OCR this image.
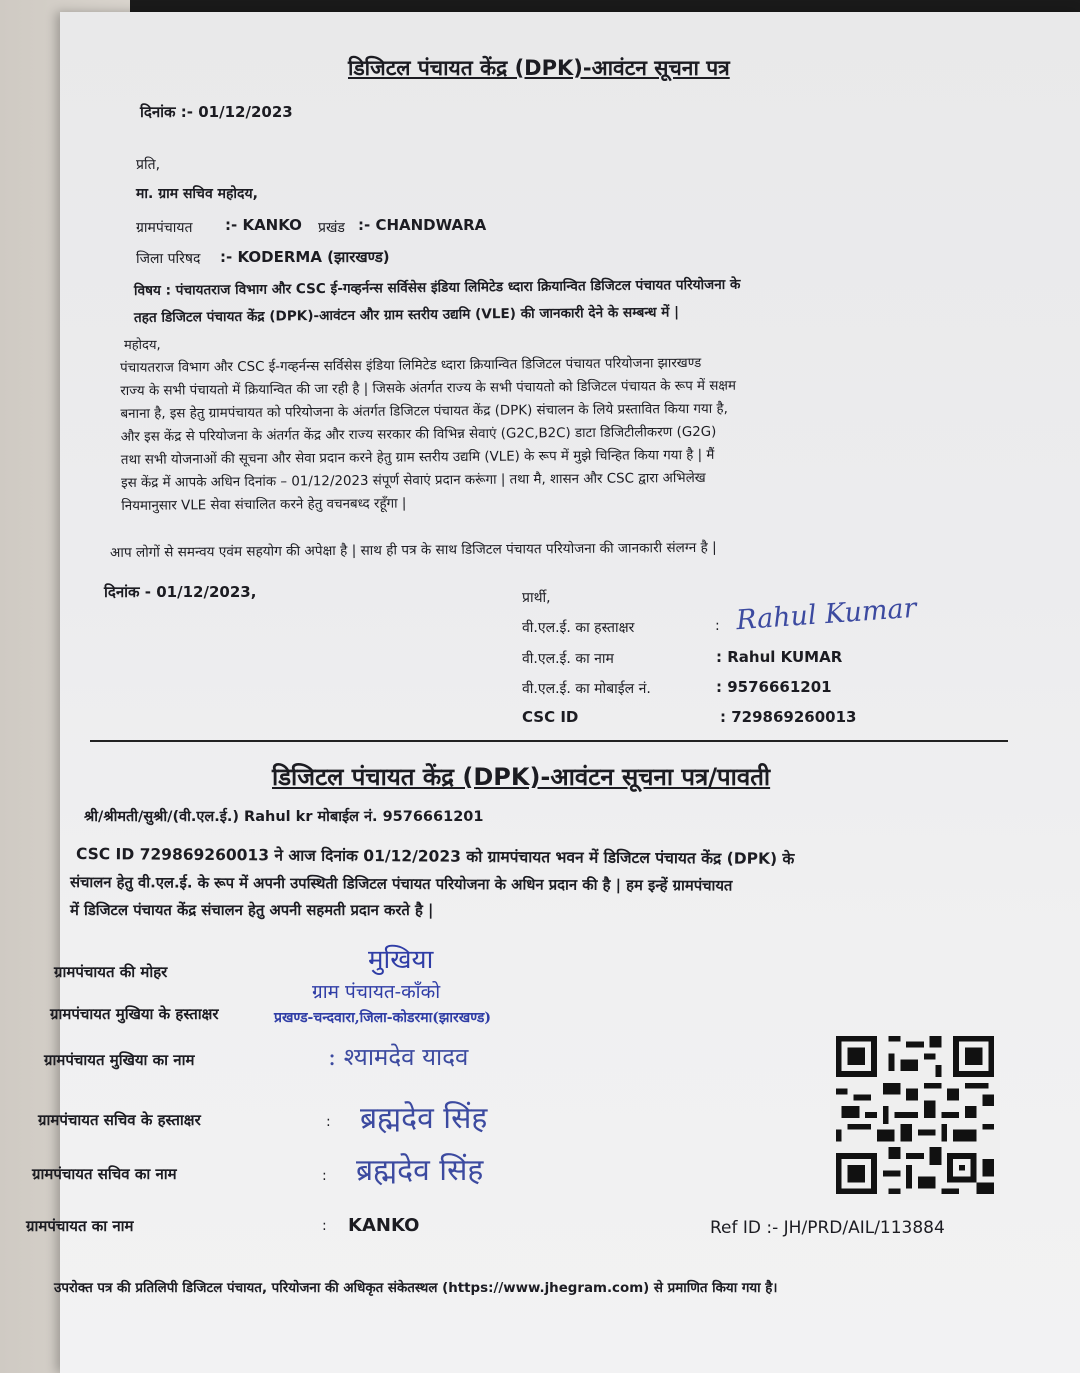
डिजिटल पंचायत केंद्र (DPK)-आवंटन सूचना पत्र
दिनांक :- 01/12/2023
प्रति,
मा. ग्राम सचिव महोदय,
ग्रामपंचायत :- KANKO प्रखंड :- CHANDWARA
जिला परिषद :- KODERMA (झारखण्ड)
विषय : पंचायतराज विभाग और CSC ई-गव्हर्नन्स सर्विसेस इंडिया लिमिटेड ध्दारा क्रियान्वित डिजिटल पंचायत परियोजना के
तहत डिजिटल पंचायत केंद्र (DPK)-आवंटन और ग्राम स्तरीय उद्यमि (VLE) की जानकारी देने के सम्बन्ध में |
महोदय,
पंचायतराज विभाग और CSC ई-गव्हर्नन्स सर्विसेस इंडिया लिमिटेड ध्दारा क्रियान्वित डिजिटल पंचायत परियोजना झारखण्ड
राज्य के सभी पंचायतो में क्रियान्वित की जा रही है | जिसके अंतर्गत राज्य के सभी पंचायतो को डिजिटल पंचायत के रूप में सक्षम
बनाना है, इस हेतु ग्रामपंचायत को परियोजना के अंतर्गत डिजिटल पंचायत केंद्र (DPK) संचालन के लिये प्रस्तावित किया गया है,
और इस केंद्र से परियोजना के अंतर्गत केंद्र और राज्य सरकार की विभिन्न सेवाएं (G2C,B2C) डाटा डिजिटीलीकरण (G2G)
तथा सभी योजनाओं की सूचना और सेवा प्रदान करने हेतु ग्राम स्तरीय उद्यमि (VLE) के रूप में मुझे चिन्हित किया गया है | मैं
इस केंद्र में आपके अधिन दिनांक – 01/12/2023 संपूर्ण सेवाएं प्रदान करूंगा | तथा मै, शासन और CSC द्वारा अभिलेख
नियमानुसार VLE सेवा संचालित करने हेतु वचनबध्द रहूँगा |
आप लोगों से समन्वय एवंम सहयोग की अपेक्षा है | साथ ही पत्र के साथ डिजिटल पंचायत परियोजना की जानकारी संलग्न है |
दिनांक - 01/12/2023,	प्रार्थी,
वी.एल.ई. का हस्ताक्षर	: Rahul Kumar
वी.एल.ई. का नाम	: Rahul KUMAR
वी.एल.ई. का मोबाईल नं.	: 9576661201
CSC ID	: 729869260013
डिजिटल पंचायत केंद्र (DPK)-आवंटन सूचना पत्र/पावती
श्री/श्रीमती/सुश्री/(वी.एल.ई.) Rahul kr मोबाईल नं. 9576661201
CSC ID 729869260013 ने आज दिनांक 01/12/2023 को ग्रामपंचायत भवन में डिजिटल पंचायत केंद्र (DPK) के
संचालन हेतु वी.एल.ई. के रूप में अपनी उपस्थिती डिजिटल पंचायत परियोजना के अधिन प्रदान की है | हम इन्हें ग्रामपंचायत
में डिजिटल पंचायत केंद्र संचालन हेतु अपनी सहमती प्रदान करते है |
ग्रामपंचायत की मोहर
ग्रामपंचायत मुखिया के हस्ताक्षर
ग्रामपंचायत मुखिया का नाम	: श्यामदेव यादव
ग्रामपंचायत सचिव के हस्ताक्षर	: ब्रह्मदेव सिंह
ग्रामपंचायत सचिव का नाम	: ब्रह्मदेव सिंह
ग्रामपंचायत का नाम	: KANKO
मुखिया
ग्राम पंचायत-काँको
प्रखण्ड-चन्दवारा,जिला-कोडरमा(झारखण्ड)
Ref ID :- JH/PRD/AIL/113884
उपरोक्त पत्र की प्रतिलिपी डिजिटल पंचायत, परियोजना की अधिकृत संकेतस्थल (https://www.jhegram.com) से प्रमाणित किया गया है।
